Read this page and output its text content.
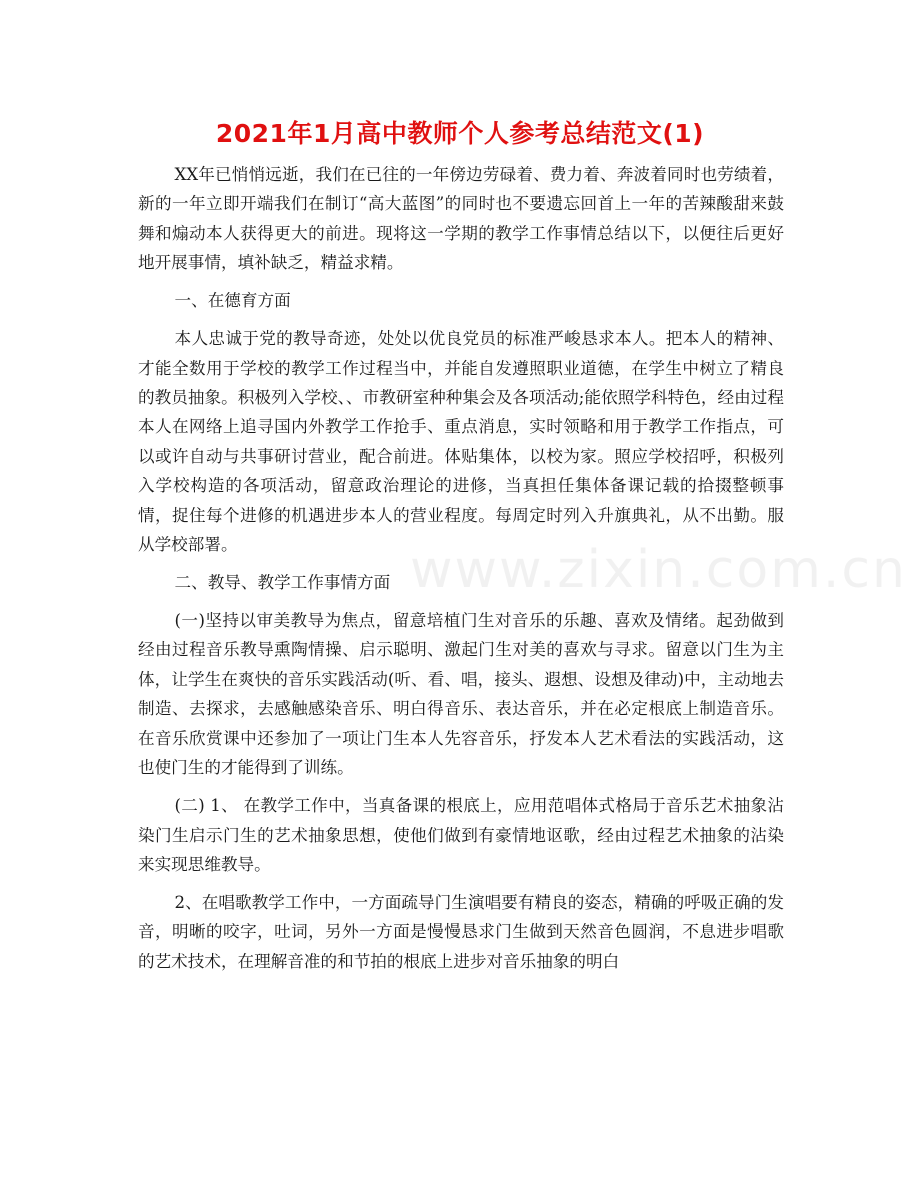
2021年1月高中教师个人参考总结范文(1)

XX年已悄悄远逝，我们在已往的一年傍边劳碌着、费力着、奔波着同时也劳绩着，新的一年立即开端我们在制订“高大蓝图”的同时也不要遗忘回首上一年的苦辣酸甜来鼓舞和煽动本人获得更大的前进。现将这一学期的教学工作事情总结以下，以便往后更好地开展事情，填补缺乏，精益求精。

一、在德育方面

本人忠诚于党的教导奇迹，处处以优良党员的标准严峻恳求本人。把本人的精神、才能全数用于学校的教学工作过程当中，并能自发遵照职业道德，在学生中树立了精良的教员抽象。积极列入学校、、市教研室种种集会及各项活动;能依照学科特色，经由过程本人在网络上追寻国内外教学工作抢手、重点消息，实时领略和用于教学工作指点，可以或许自动与共事研讨营业，配合前进。体贴集体，以校为家。照应学校招呼，积极列入学校构造的各项活动，留意政治理论的进修，当真担任集体备课记载的拾掇整顿事情，捉住每个进修的机遇进步本人的营业程度。每周定时列入升旗典礼，从不出勤。服从学校部署。

二、教导、教学工作事情方面

(一)坚持以审美教导为焦点，留意培植门生对音乐的乐趣、喜欢及情绪。起劲做到经由过程音乐教导熏陶情操、启示聪明、激起门生对美的喜欢与寻求。留意以门生为主体，让学生在爽快的音乐实践活动(听、看、唱，接头、遐想、设想及律动)中，主动地去制造、去探求，去感触感染音乐、明白得音乐、表达音乐，并在必定根底上制造音乐。在音乐欣赏课中还参加了一项让门生本人先容音乐，抒发本人艺术看法的实践活动，这也使门生的才能得到了训练。

(二) 1、 在教学工作中，当真备课的根底上，应用范唱体式格局于音乐艺术抽象沾染门生启示门生的艺术抽象思想，使他们做到有豪情地讴歌，经由过程艺术抽象的沾染来实现思维教导。

2、在唱歌教学工作中，一方面疏导门生演唱要有精良的姿态，精确的呼吸正确的发音，明晰的咬字，吐词，另外一方面是慢慢恳求门生做到天然音色圆润，不息进步唱歌的艺术技术，在理解音准的和节拍的根底上进步对音乐抽象的明白

www.zixin.com.cn
